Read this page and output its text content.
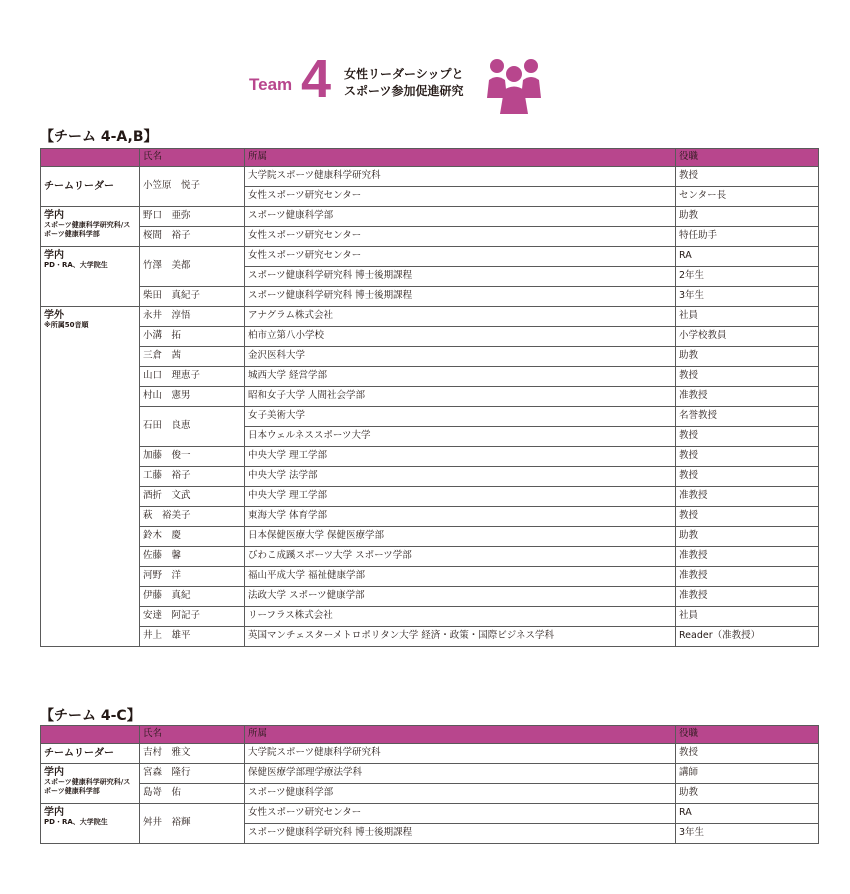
Team 4 女性リーダーシップと
スポーツ参加促進研究
【チーム 4-A,B】
	氏名	所属	役職
チームリーダー	小笠原　悦子	大学院スポーツ健康科学研究科	教授
		女性スポーツ研究センター	センター長

学内
スポーツ健康科学研究科/スポーツ健康科学部	野口　亜弥	スポーツ健康科学部	助教
	桜間　裕子	女性スポーツ研究センター	特任助手

学内
PD・RA、大学院生	竹澤　美都	女性スポーツ研究センター	RA
		スポーツ健康科学研究科 博士後期課程	2年生
	柴田　真紀子	スポーツ健康科学研究科 博士後期課程	3年生

学外
※所属50音順	永井　淳悟	アナグラム株式会社	社員
	小溝　拓	柏市立第八小学校	小学校教員
	三倉　茜	金沢医科大学	助教
	山口　理恵子	城西大学 経営学部	教授
	村山　憲男	昭和女子大学 人間社会学部	准教授
	石田　良恵	女子美術大学	名誉教授
		日本ウェルネススポーツ大学	教授
	加藤　俊一	中央大学 理工学部	教授
	工藤　裕子	中央大学 法学部	教授
	酒折　文武	中央大学 理工学部	准教授
	萩　裕美子	東海大学 体育学部	教授
	鈴木　慶	日本保健医療大学 保健医療学部	助教
	佐藤　馨	びわこ成蹊スポーツ大学 スポーツ学部	准教授
	河野　洋	福山平成大学 福祉健康学部	准教授
	伊藤　真紀	法政大学 スポーツ健康学部	准教授
	安達　阿記子	リーフラス株式会社	社員
	井上　雄平	英国マンチェスターメトロポリタン大学 経済・政策・国際ビジネス学科	Reader（准教授）
【チーム 4-C】
	氏名	所属	役職
チームリーダー	吉村　雅文	大学院スポーツ健康科学研究科	教授

学内
スポーツ健康科学研究科/スポーツ健康科学部	宮森　隆行	保健医療学部理学療法学科	講師
	島嵜　佑	スポーツ健康科学部	助教

学内
PD・RA、大学院生	舛井　裕輝	女性スポーツ研究センター	RA
		スポーツ健康科学研究科 博士後期課程	3年生
